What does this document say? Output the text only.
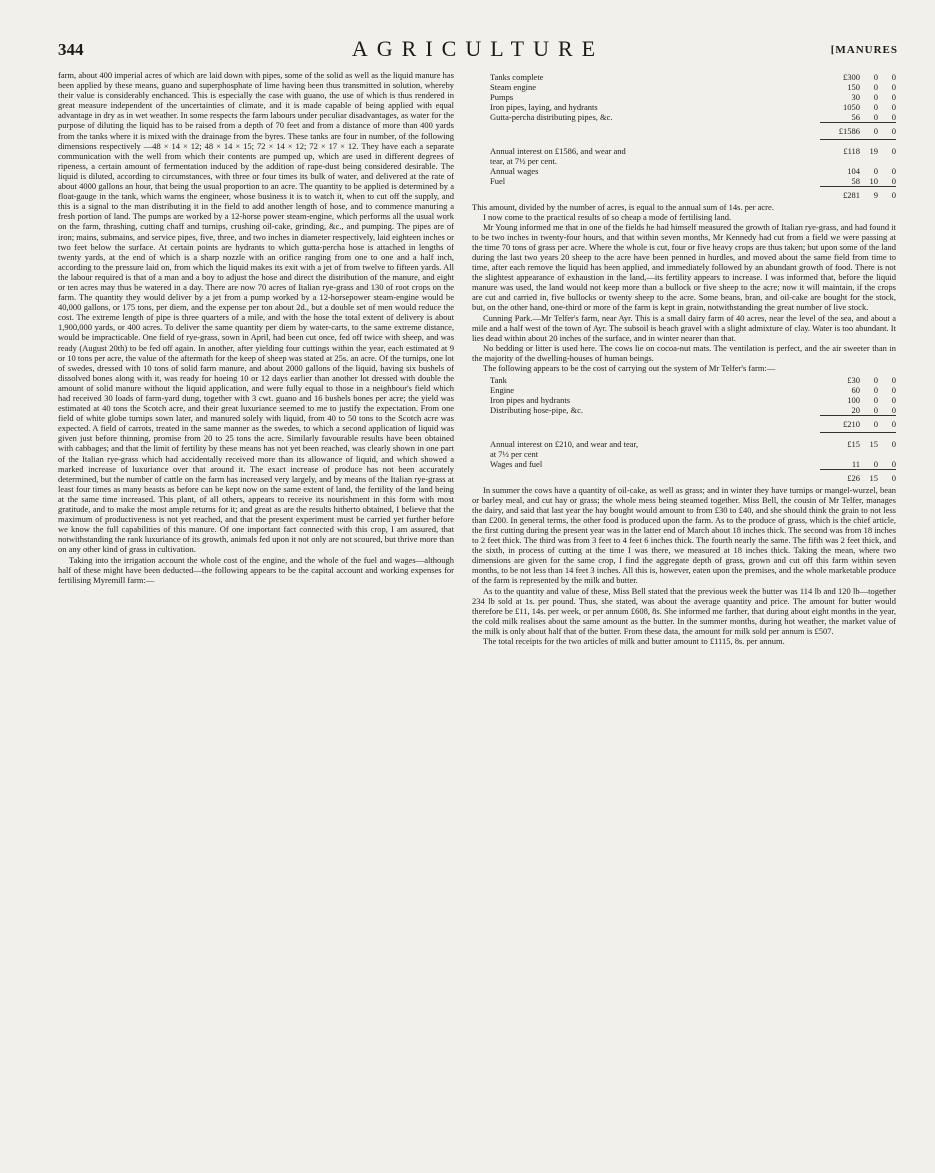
344	AGRICULTURE	[MANURES

farm, about 400 imperial acres of which are laid down with pipes, some of the solid as well as the liquid manure has been applied by these means, guano and superphosphate of lime having been thus transmitted in solution, whereby their value is considerably enchanced. This is especially the case with guano, the use of which is thus rendered in great measure independent of the uncertainties of climate, and it is made capable of being applied with equal advantage in dry as in wet weather. In some respects the farm labours under peculiar disadvantages, as water for the purpose of diluting the liquid has to be raised from a depth of 70 feet and from a distance of more than 400 yards from the tanks where it is mixed with the drainage from the byres. These tanks are four in number, of the following dimensions respectively —48 × 14 × 12; 48 × 14 × 15; 72 × 14 × 12; 72 × 17 × 12. They have each a separate communication with the well from which their contents are pumped up, which are used in different degrees of ripeness, a certain amount of fermentation induced by the addition of rape-dust being considered desirable. The liquid is diluted, according to circumstances, with three or four times its bulk of water, and delivered at the rate of about 4000 gallons an hour, that being the usual proportion to an acre. The quantity to be applied is determined by a float-gauge in the tank, which warns the engineer, whose business it is to watch it, when to cut off the supply, and this is a signal to the man distributing it in the field to add another length of hose, and to commence manuring a fresh portion of land. The pumps are worked by a 12-horse power steam-engine, which performs all the usual work on the farm, thrashing, cutting chaff and turnips, crushing oil-cake, grinding, &c., and pumping. The pipes are of iron; mains, submains, and service pipes, five, three, and two inches in diameter respectively, laid eighteen inches or two feet below the surface. At certain points are hydrants to which gutta-percha hose is attached in lengths of twenty yards, at the end of which is a sharp nozzle with an orifice ranging from one to one and a half inch, according to the pressure laid on, from which the liquid makes its exit with a jet of from twelve to fifteen yards. All the labour required is that of a man and a boy to adjust the hose and direct the distribution of the manure, and eight or ten acres may thus be watered in a day. There are now 70 acres of Italian rye-grass and 130 of root crops on the farm. The quantity they would deliver by a jet from a pump worked by a 12-horsepower steam-engine would be 40,000 gallons, or 175 tons, per diem, and the expense per ton about 2d., but a double set of men would reduce the cost. The extreme length of pipe is three quarters of a mile, and with the hose the total extent of delivery is about 1,900,000 yards, or 400 acres. To deliver the same quantity per diem by water-carts, to the same extreme distance, would be impracticable. One field of rye-grass, sown in April, had been cut once, fed off twice with sheep, and was ready (August 20th) to be fed off again. In another, after yielding four cuttings within the year, each estimated at 9 or 10 tons per acre, the value of the aftermath for the keep of sheep was stated at 25s. an acre. Of the turnips, one lot of swedes, dressed with 10 tons of solid farm manure, and about 2000 gallons of the liquid, having six bushels of dissolved bones along with it, was ready for hoeing 10 or 12 days earlier than another lot dressed with double the amount of solid manure without the liquid application, and were fully equal to those in a neighbour's field which had received 30 loads of farm-yard dung, together with 3 cwt. guano and 16 bushels bones per acre; the yield was estimated at 40 tons the Scotch acre, and their great luxuriance seemed to me to justify the expectation. From one field of white globe turnips sown later, and manured solely with liquid, from 40 to 50 tons to the Scotch acre was expected. A field of carrots, treated in the same manner as the swedes, to which a second application of liquid was given just before thinning, promise from 20 to 25 tons the acre. Similarly favourable results have been obtained with cabbages; and that the limit of fertility by these means has not yet been reached, was clearly shown in one part of the Italian rye-grass which had accidentally received more than its allowance of liquid, and which showed a marked increase of luxuriance over that around it. The exact increase of produce has not been accurately determined, but the number of cattle on the farm has increased very largely, and by means of the Italian rye-grass at least four times as many beasts as before can be kept now on the same extent of land, the fertility of the land being at the same time increased. This plant, of all others, appears to receive its nourishment in this form with most gratitude, and to make the most ample returns for it; and great as are the results hitherto obtained, I believe that the maximum of productiveness is not yet reached, and that the present experiment must be carried yet further before we know the full capabilities of this manure. Of one important fact connected with this crop, I am assured, that notwithstanding the rank luxuriance of its growth, animals fed upon it not only are not scoured, but thrive more than on any other kind of grass in cultivation.

Taking into the irrigation account the whole cost of the engine, and the whole of the fuel and wages—although half of these might have been deducted—the following appears to be the capital account and working expenses for fertilising Myremill farm:—

Tanks complete	£300	0	0
Steam engine	150	0	0
Pumps	30	0	0
Iron pipes, laying, and hydrants	1050	0	0
Gutta-percha distributing pipes, &c.	56	0	0
	£1586	0	0
Annual interest on £1586, and wear and
tear, at 7½ per cent.	£118	19	0
Annual wages	104	0	0
Fuel	58	10	0
	£281	9	0

This amount, divided by the number of acres, is equal to the annual sum of 14s. per acre.

I now come to the practical results of so cheap a mode of fertilising land.

Mr Young informed me that in one of the fields he had himself measured the growth of Italian rye-grass, and had found it to be two inches in twenty-four hours, and that within seven months, Mr Kennedy had cut from a field we were passing at the time 70 tons of grass per acre. Where the whole is cut, four or five heavy crops are thus taken; but upon some of the land during the last two years 20 sheep to the acre have been penned in hurdles, and moved about the same field from time to time, after each remove the liquid has been applied, and immediately followed by an abundant growth of food. There is not the slightest appearance of exhaustion in the land,—its fertility appears to increase. I was informed that, before the liquid manure was used, the land would not keep more than a bullock or five sheep to the acre; now it will maintain, if the crops are cut and carried in, five bullocks or twenty sheep to the acre. Some beans, bran, and oil-cake are bought for the stock, but, on the other hand, one-third or more of the farm is kept in grain, notwithstanding the great number of live stock.

Cunning Park.—Mr Telfer's farm, near Ayr. This is a small dairy farm of 40 acres, near the level of the sea, and about a mile and a half west of the town of Ayr. The subsoil is beach gravel with a slight admixture of clay. Water is too abundant. It lies dead within about 20 inches of the surface, and in winter nearer than that.

No bedding or litter is used here. The cows lie on cocoa-nut mats. The ventilation is perfect, and the air sweeter than in the majority of the dwelling-houses of human beings.

The following appears to be the cost of carrying out the system of Mr Telfer's farm:—

Tank	£30	0	0
Engine	60	0	0
Iron pipes and hydrants	100	0	0
Distributing hose-pipe, &c.	20	0	0
	£210	0	0
Annual interest on £210, and wear and tear,
at 7½ per cent	£15	15	0
Wages and fuel	11	0	0
	£26	15	0

In summer the cows have a quantity of oil-cake, as well as grass; and in winter they have turnips or mangel-wurzel, bean or barley meal, and cut hay or grass; the whole mess being steamed together. Miss Bell, the cousin of Mr Telfer, manages the dairy, and said that last year the hay bought would amount to from £30 to £40, and she should think the grain to not less than £200. In general terms, the other food is produced upon the farm. As to the produce of grass, which is the chief article, the first cutting during the present year was in the latter end of March about 18 inches thick. The second was from 18 inches to 2 feet thick. The third was from 3 feet to 4 feet 6 inches thick. The fourth nearly the same. The fifth was 2 feet thick, and the sixth, in process of cutting at the time I was there, we measured at 18 inches thick. Taking the mean, where two dimensions are given for the same crop, I find the aggregate depth of grass, grown and cut off this farm within seven months, to be not less than 14 feet 3 inches. All this is, however, eaten upon the premises, and the whole marketable produce of the farm is represented by the milk and butter.

As to the quantity and value of these, Miss Bell stated that the previous week the butter was 114 lb and 120 lb—together 234 lb sold at 1s. per pound. Thus, she stated, was about the average quantity and price. The amount for butter would therefore be £11, 14s. per week, or per annum £608, 8s. She informed me farther, that during about eight months in the year, the cold milk realises about the same amount as the butter. In the summer months, during hot weather, the market value of the milk is only about half that of the butter. From these data, the amount for milk sold per annum is £507.

The total receipts for the two articles of milk and butter amount to £1115, 8s. per annum.
